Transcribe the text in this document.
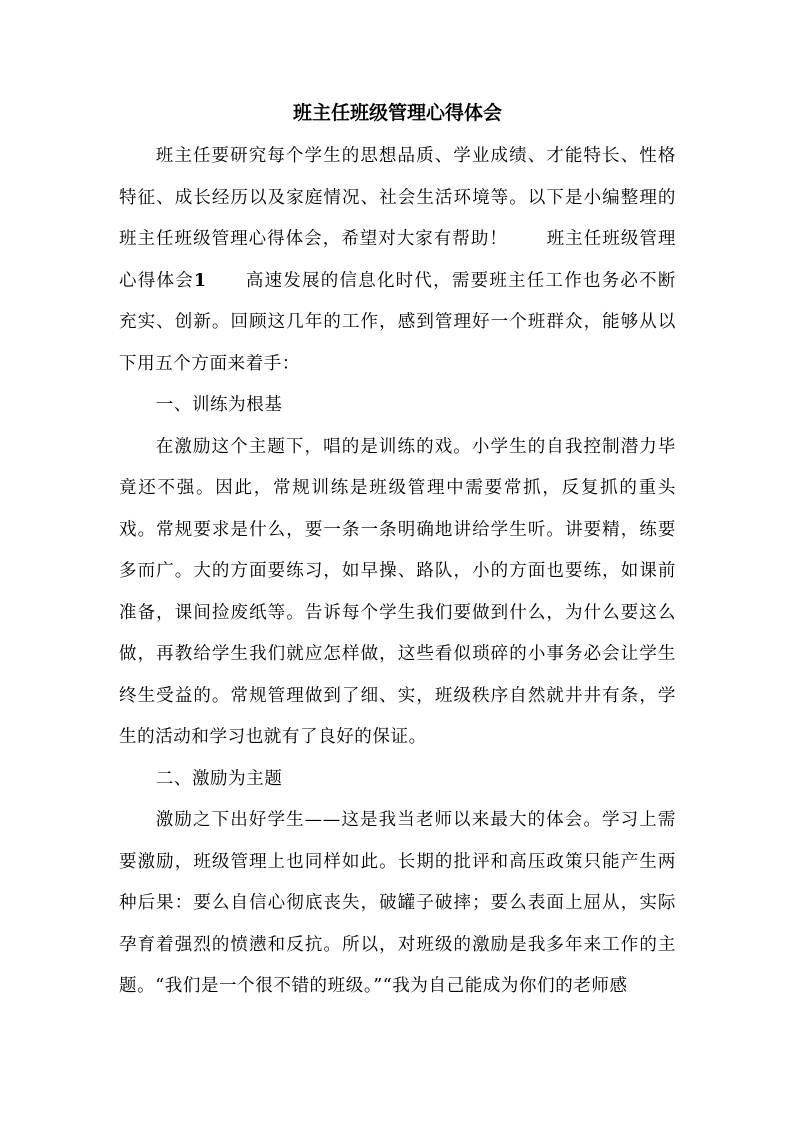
班主任班级管理心得体会

班主任要研究每个学生的思想品质、学业成绩、才能特长、性格特征、成长经历以及家庭情况、社会生活环境等。以下是小编整理的班主任班级管理心得体会，希望对大家有帮助！ 班主任班级管理心得体会1 高速发展的信息化时代，需要班主任工作也务必不断充实、创新。回顾这几年的工作，感到管理好一个班群众，能够从以下用五个方面来着手：

一、训练为根基

在激励这个主题下，唱的是训练的戏。小学生的自我控制潜力毕竟还不强。因此，常规训练是班级管理中需要常抓，反复抓的重头戏。常规要求是什么，要一条一条明确地讲给学生听。讲要精，练要多而广。大的方面要练习，如早操、路队，小的方面也要练，如课前准备，课间捡废纸等。告诉每个学生我们要做到什么，为什么要这么做，再教给学生我们就应怎样做，这些看似琐碎的小事务必会让学生终生受益的。常规管理做到了细、实，班级秩序自然就井井有条，学生的活动和学习也就有了良好的保证。

二、激励为主题

激励之下出好学生——这是我当老师以来最大的体会。学习上需要激励，班级管理上也同样如此。长期的批评和高压政策只能产生两种后果：要么自信心彻底丧失，破罐子破摔；要么表面上屈从，实际孕育着强烈的愤懑和反抗。所以，对班级的激励是我多年来工作的主题。“我们是一个很不错的班级。”“我为自己能成为你们的老师感
